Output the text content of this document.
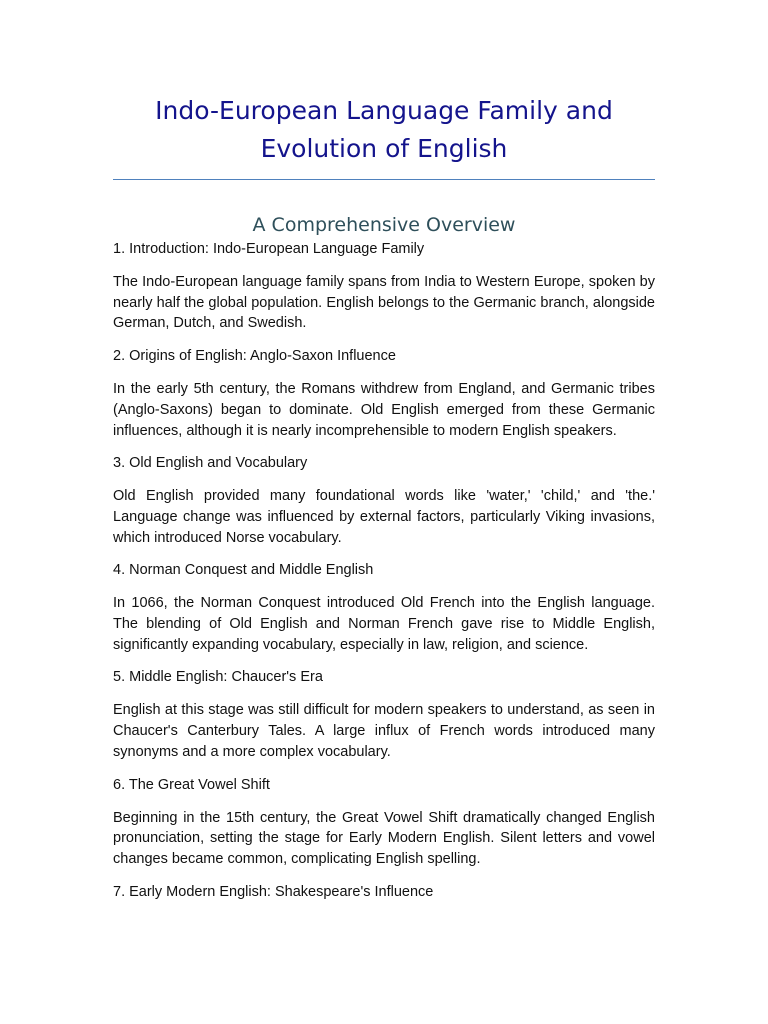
Indo-European Language Family and Evolution of English
A Comprehensive Overview

1. Introduction: Indo-European Language Family

The Indo-European language family spans from India to Western Europe, spoken by nearly half the global population. English belongs to the Germanic branch, alongside German, Dutch, and Swedish.

2. Origins of English: Anglo-Saxon Influence

In the early 5th century, the Romans withdrew from England, and Germanic tribes (Anglo-Saxons) began to dominate. Old English emerged from these Germanic influences, although it is nearly incomprehensible to modern English speakers.

3. Old English and Vocabulary

Old English provided many foundational words like 'water,' 'child,' and 'the.' Language change was influenced by external factors, particularly Viking invasions, which introduced Norse vocabulary.

4. Norman Conquest and Middle English

In 1066, the Norman Conquest introduced Old French into the English language. The blending of Old English and Norman French gave rise to Middle English, significantly expanding vocabulary, especially in law, religion, and science.

5. Middle English: Chaucer's Era

English at this stage was still difficult for modern speakers to understand, as seen in Chaucer's Canterbury Tales. A large influx of French words introduced many synonyms and a more complex vocabulary.

6. The Great Vowel Shift

Beginning in the 15th century, the Great Vowel Shift dramatically changed English pronunciation, setting the stage for Early Modern English. Silent letters and vowel changes became common, complicating English spelling.

7. Early Modern English: Shakespeare's Influence
